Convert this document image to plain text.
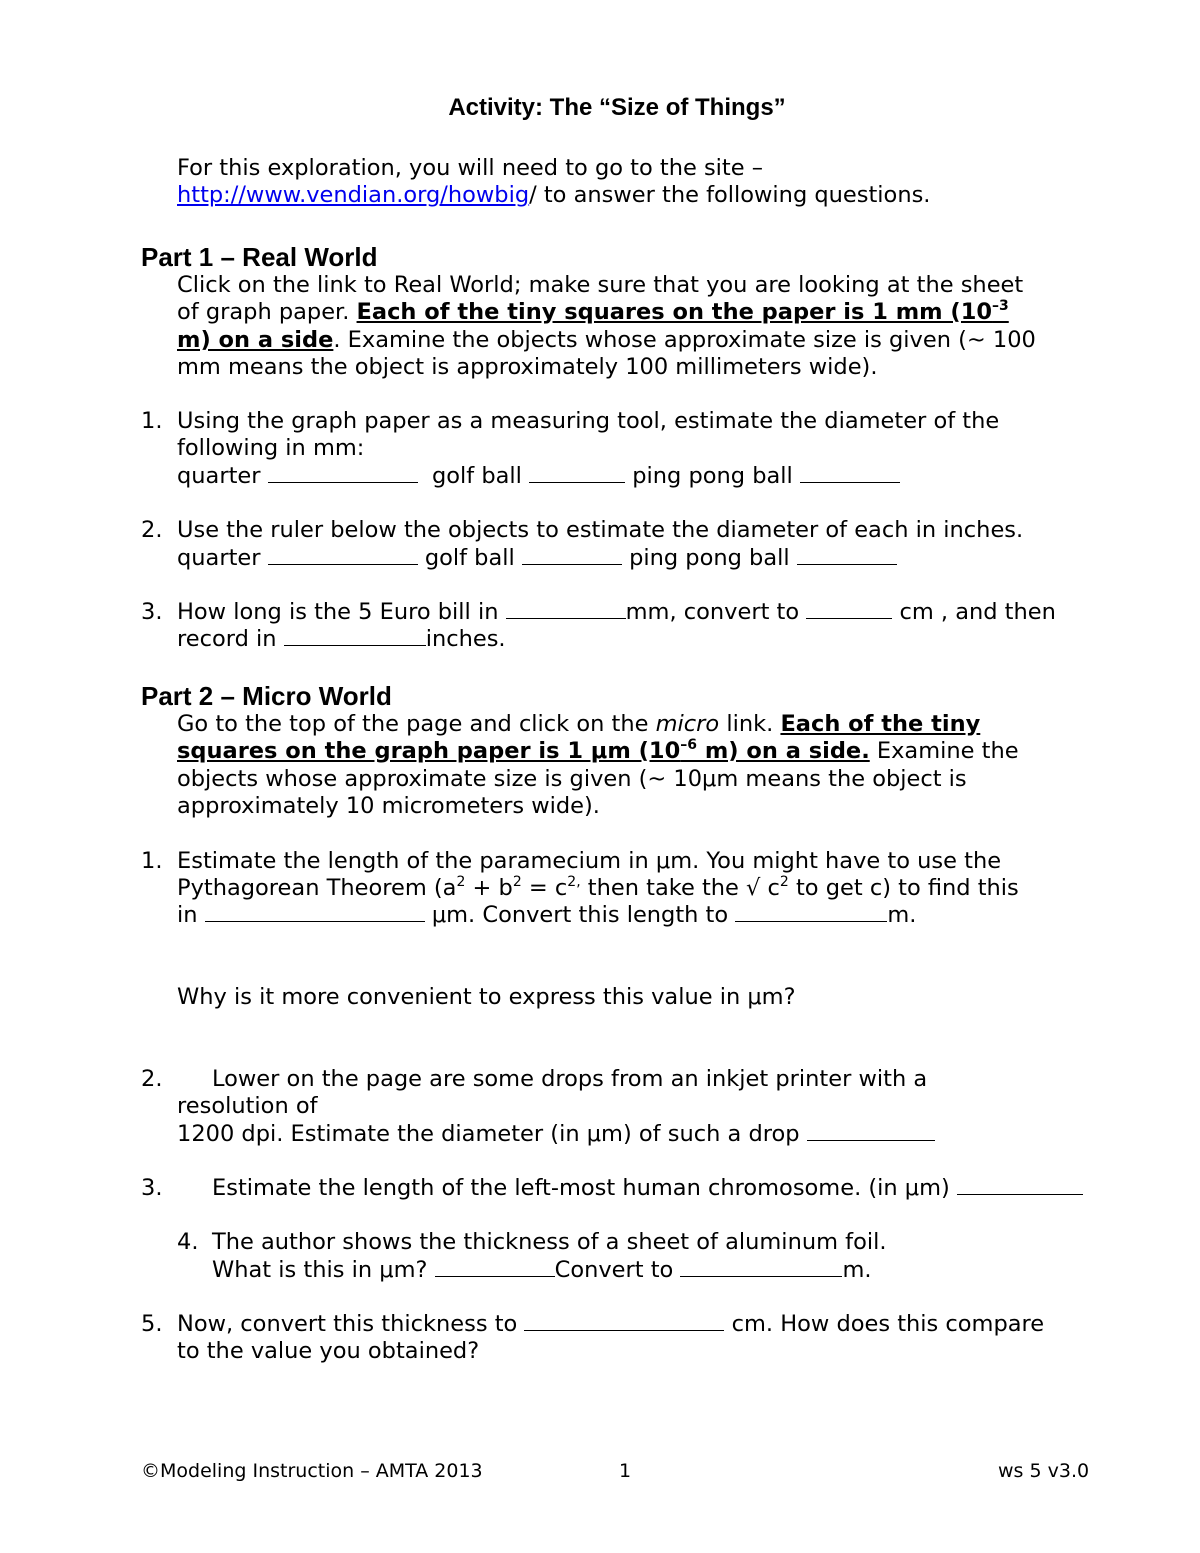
Activity: The “Size of Things”
For this exploration, you will need to go to the site –
http://www.vendian.org/howbig/ to answer the following questions.
Part 1 – Real World
Click on the link to Real World; make sure that you are looking at the sheet
of graph paper. Each of the tiny squares on the paper is 1 mm ($10^{-3}$
m) on a side. Examine the objects whose approximate size is given (~ 100
mm means the object is approximately 100 millimeters wide).
1. Using the graph paper as a measuring tool, estimate the diameter of the
following in mm:
quarter	golf ball	ping pong ball
2. Use the ruler below the objects to estimate the diameter of each in inches.
quarter	golf ball	ping pong ball
3. How long is the 5 Euro bill in	mm, convert to	cm , and then
record in	inches.
Part 2 – Micro World
Go to the top of the page and click on the micro link. Each of the tiny
squares on the graph paper is 1 μm ($10^{-6}$ m) on a side. Examine the
objects whose approximate size is given (~ 10μm means the object is
approximately 10 micrometers wide).
1. Estimate the length of the paramecium in μm. You might have to use the
Pythagorean Theorem ($a^2 + b^2 = c^{2,}$ then take the √ $c^2$ to get c) to find this
in	μm. Convert this length to	m.
Why is it more convenient to express this value in μm?
2. Lower on the page are some drops from an inkjet printer with a
resolution of
1200 dpi. Estimate the diameter (in μm) of such a drop
3. Estimate the length of the left-most human chromosome. (in μm)
4. The author shows the thickness of a sheet of aluminum foil.
What is this in μm?	Convert to	m.
5. Now, convert this thickness to	cm. How does this compare
to the value you obtained?
©Modeling Instruction – AMTA 2013	1	ws 5 v3.0
